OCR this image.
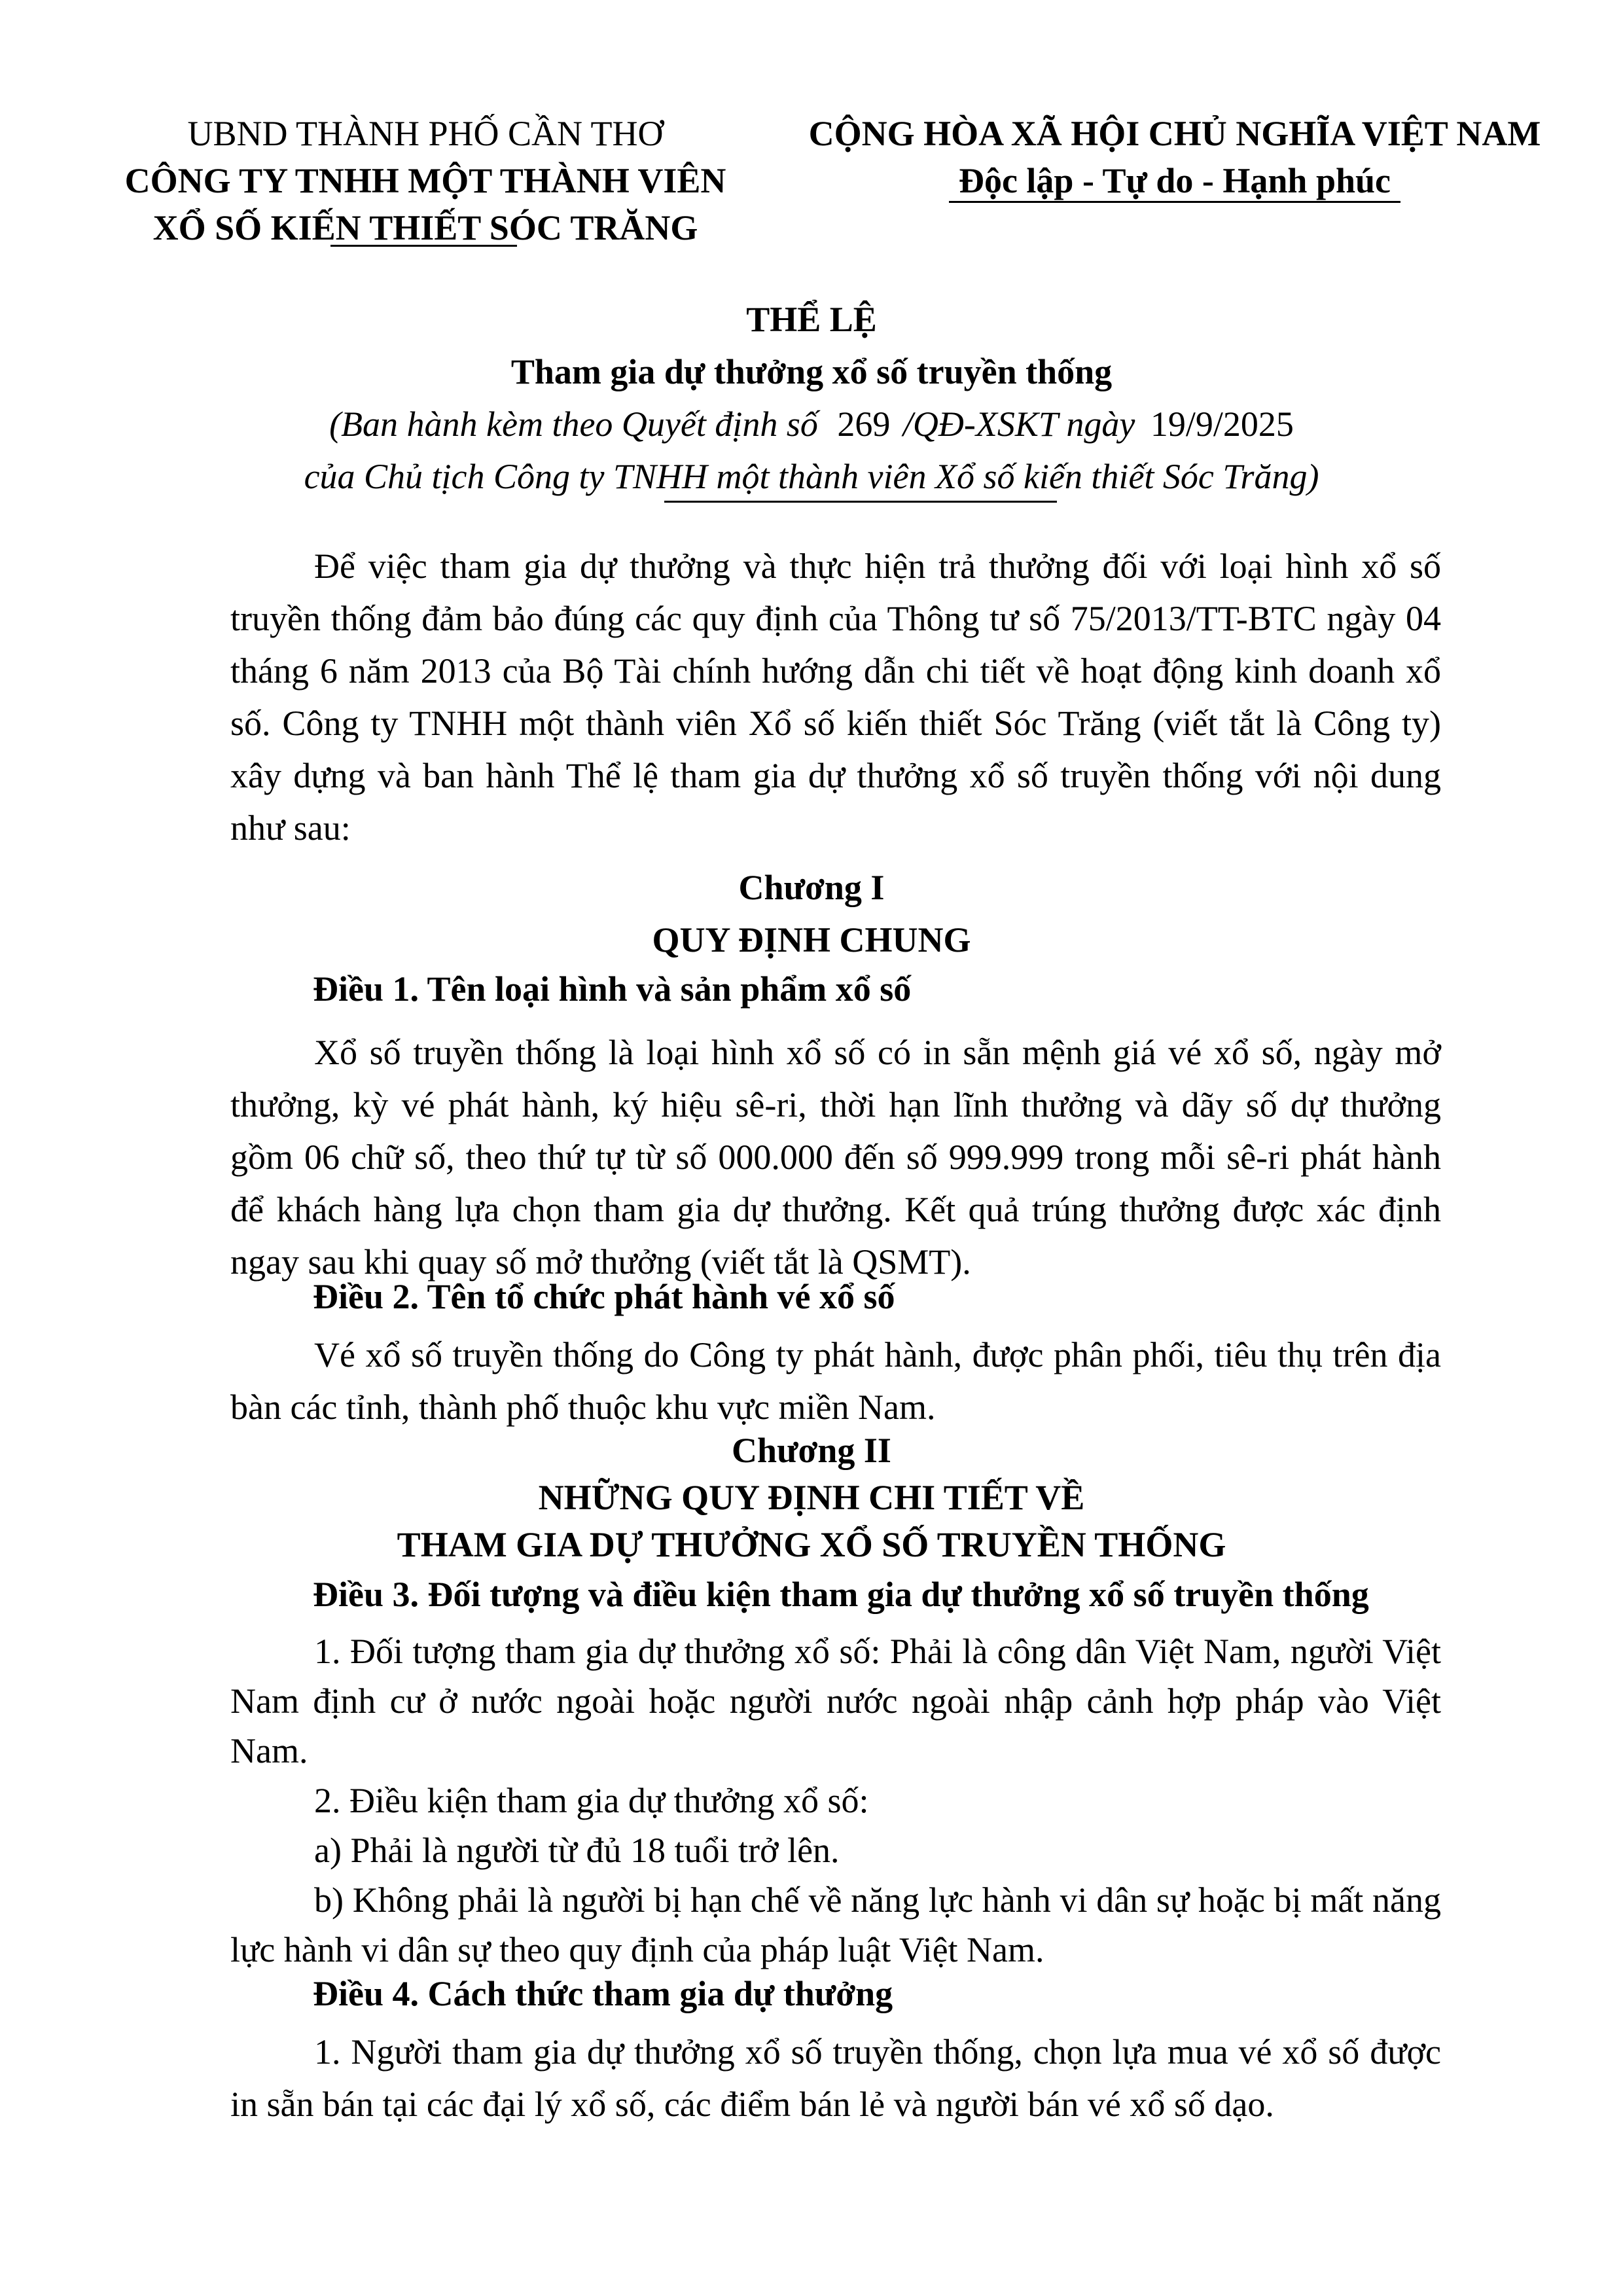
UBND THÀNH PHỐ CẦN THƠ
CÔNG TY TNHH MỘT THÀNH VIÊN
XỔ SỐ KIẾN THIẾT SÓC TRĂNG
CỘNG HÒA XÃ HỘI CHỦ NGHĨA VIỆT NAM
Độc lập - Tự do - Hạnh phúc
THỂ LỆ
Tham gia dự thưởng xổ số truyền thống
(Ban hành kèm theo Quyết định số 269 /QĐ-XSKT ngày 19/9/2025
của Chủ tịch Công ty TNHH một thành viên Xổ số kiến thiết Sóc Trăng)

Để việc tham gia dự thưởng và thực hiện trả thưởng đối với loại hình xổ số truyền thống đảm bảo đúng các quy định của Thông tư số 75/2013/TT-BTC ngày 04 tháng 6 năm 2013 của Bộ Tài chính hướng dẫn chi tiết về hoạt động kinh doanh xổ số. Công ty TNHH một thành viên Xổ số kiến thiết Sóc Trăng (viết tắt là Công ty) xây dựng và ban hành Thể lệ tham gia dự thưởng xổ số truyền thống với nội dung như sau:

Chương I
QUY ĐỊNH CHUNG
Điều 1. Tên loại hình và sản phẩm xổ số

Xổ số truyền thống là loại hình xổ số có in sẵn mệnh giá vé xổ số, ngày mở thưởng, kỳ vé phát hành, ký hiệu sê-ri, thời hạn lĩnh thưởng và dãy số dự thưởng gồm 06 chữ số, theo thứ tự từ số 000.000 đến số 999.999 trong mỗi sê-ri phát hành để khách hàng lựa chọn tham gia dự thưởng. Kết quả trúng thưởng được xác định ngay sau khi quay số mở thưởng (viết tắt là QSMT).

Điều 2. Tên tổ chức phát hành vé xổ số

Vé xổ số truyền thống do Công ty phát hành, được phân phối, tiêu thụ trên địa bàn các tỉnh, thành phố thuộc khu vực miền Nam.

Chương II
NHỮNG QUY ĐỊNH CHI TIẾT VỀ
THAM GIA DỰ THƯỞNG XỔ SỐ TRUYỀN THỐNG
Điều 3. Đối tượng và điều kiện tham gia dự thưởng xổ số truyền thống

1. Đối tượng tham gia dự thưởng xổ số: Phải là công dân Việt Nam, người Việt Nam định cư ở nước ngoài hoặc người nước ngoài nhập cảnh hợp pháp vào Việt Nam.

2. Điều kiện tham gia dự thưởng xổ số:

a) Phải là người từ đủ 18 tuổi trở lên.

b) Không phải là người bị hạn chế về năng lực hành vi dân sự hoặc bị mất năng lực hành vi dân sự theo quy định của pháp luật Việt Nam.

Điều 4. Cách thức tham gia dự thưởng

1. Người tham gia dự thưởng xổ số truyền thống, chọn lựa mua vé xổ số được in sẵn bán tại các đại lý xổ số, các điểm bán lẻ và người bán vé xổ số dạo.
